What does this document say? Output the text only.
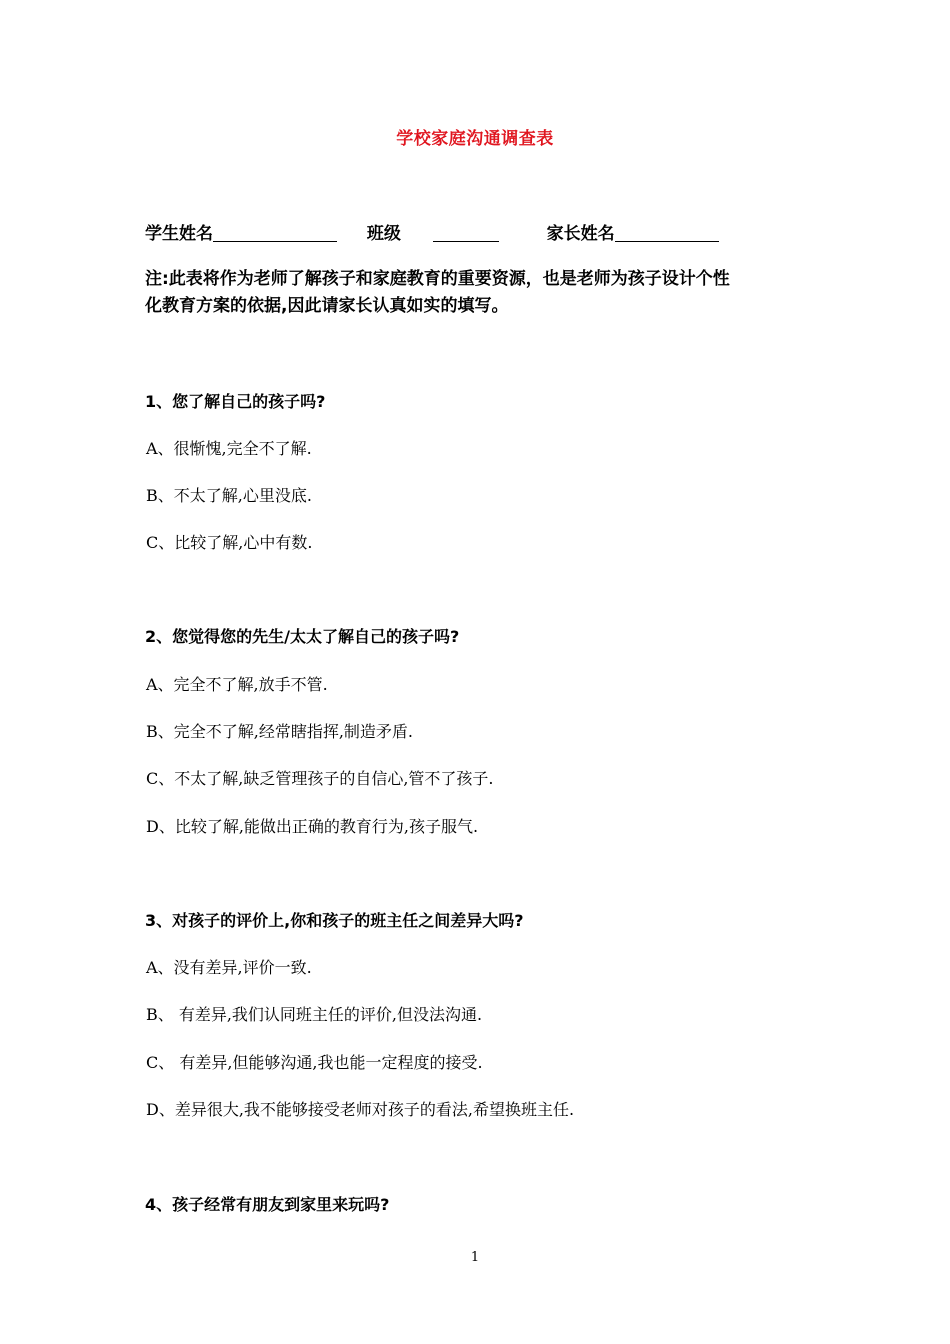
学校家庭沟通调查表
学生姓名	班级	家长姓名
注:此表将作为老师了解孩子和家庭教育的重要资源，也是老师为孩子设计个性
化教育方案的依据,因此请家长认真如实的填写。
1、您了解自己的孩子吗?
A、很惭愧,完全不了解.
B、不太了解,心里没底.
C、比较了解,心中有数.
2、您觉得您的先生/太太了解自己的孩子吗?
A、完全不了解,放手不管.
B、完全不了解,经常瞎指挥,制造矛盾.
C、不太了解,缺乏管理孩子的自信心,管不了孩子.
D、比较了解,能做出正确的教育行为,孩子服气.
3、对孩子的评价上,你和孩子的班主任之间差异大吗?
A、没有差异,评价一致.
B、 有差异,我们认同班主任的评价,但没法沟通.
C、 有差异,但能够沟通,我也能一定程度的接受.
D、差异很大,我不能够接受老师对孩子的看法,希望换班主任.
4、孩子经常有朋友到家里来玩吗?
1
